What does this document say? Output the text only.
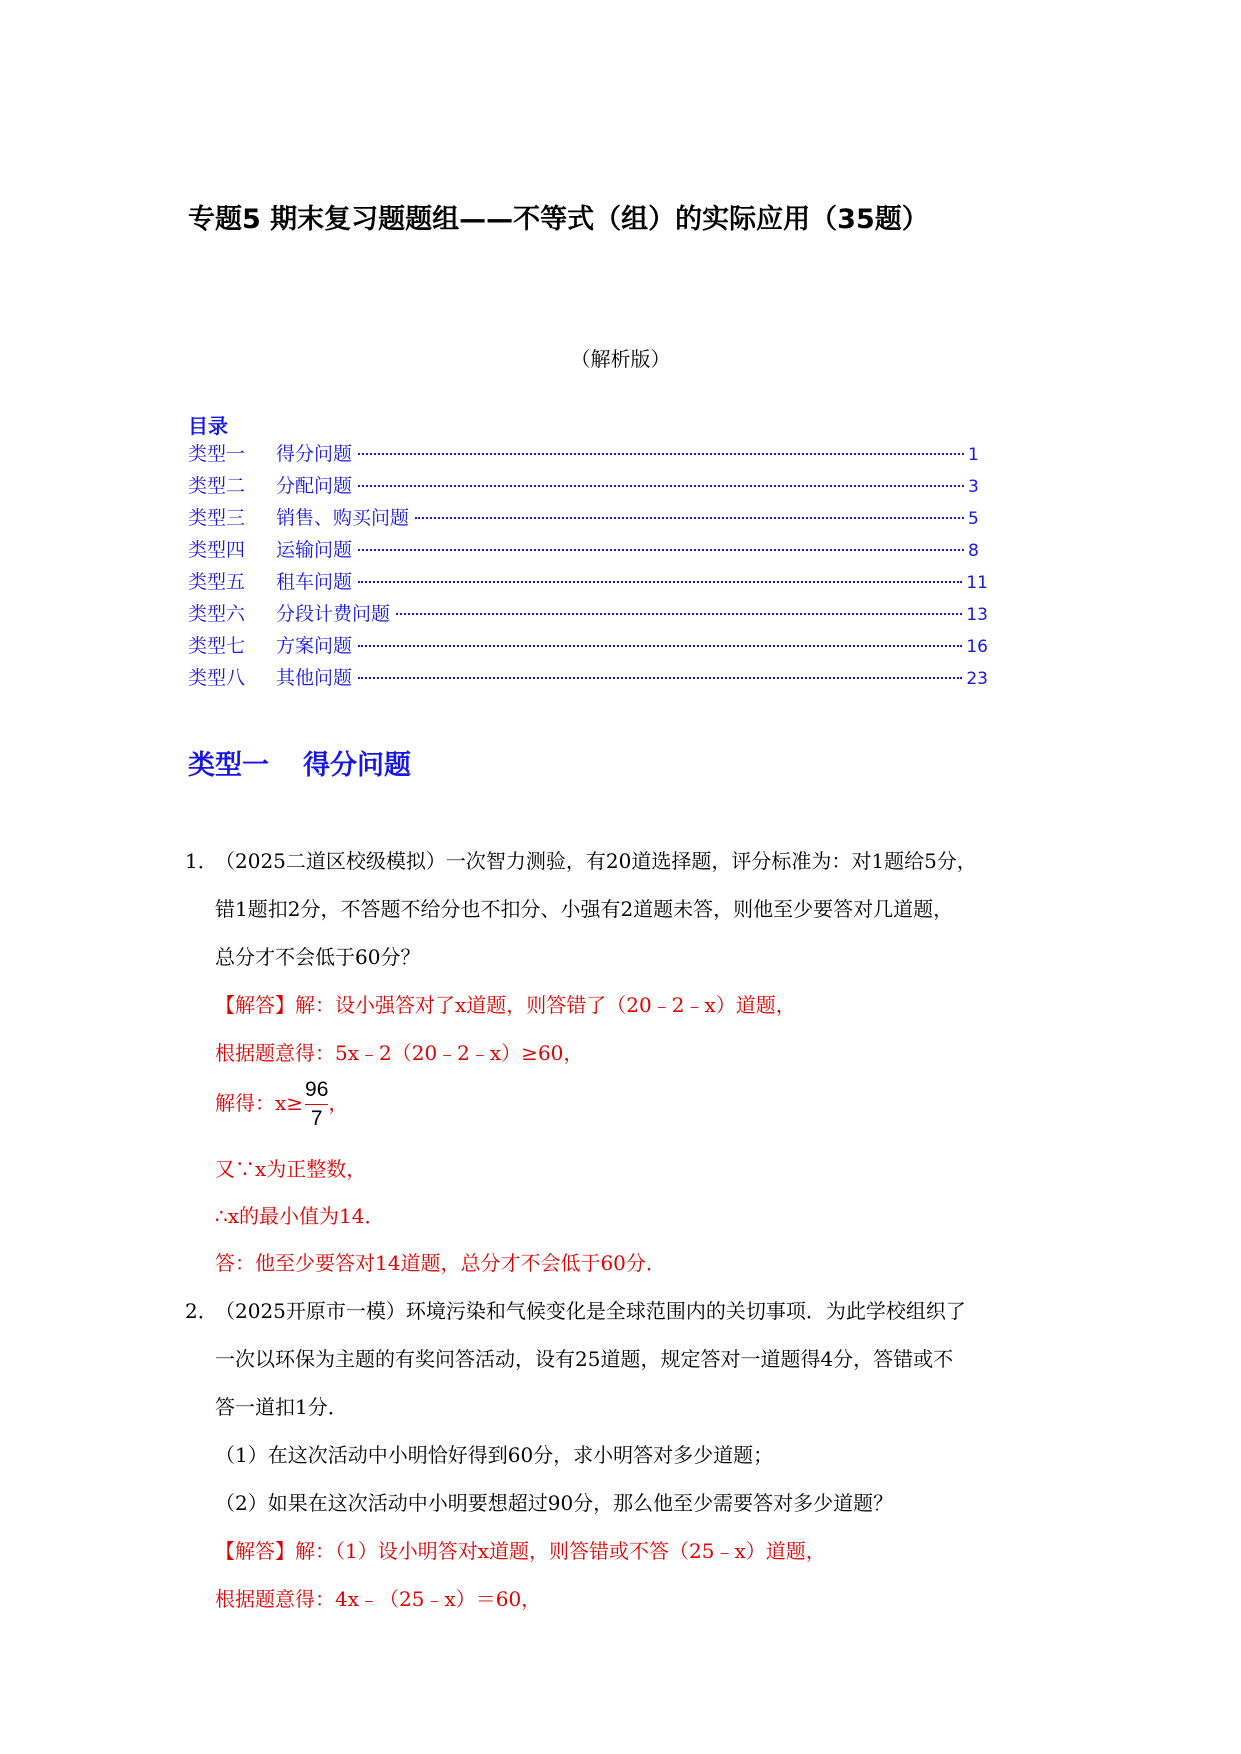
专题5 期末复习题题组——不等式（组）的实际应用（35题）
（解析版）
目录
类型一	得分问题	1
类型二	分配问题	3
类型三	销售、购买问题	5
类型四	运输问题	8
类型五	租车问题	11
类型六	分段计费问题	13
类型七	方案问题	16
类型八	其他问题	23
类型一 得分问题
1．
（2025二道区校级模拟）一次智力测验，有20道选择题，评分标准为：对1题给5分，
错1题扣2分，不答题不给分也不扣分、小强有2道题未答，则他至少要答对几道题，
总分才不会低于60分？
【解答】解：设小强答对了x道题，则答错了（20﹣2﹣x）道题，
根据题意得：5x﹣2（20﹣2﹣x）≥60，
解得：$x\ge \frac{96}{7}$ ，
又∵x为正整数，
∴x的最小值为14．
答：他至少要答对14道题，总分才不会低于60分．
2．
（2025开原市一模）环境污染和气候变化是全球范围内的关切事项．为此学校组织了
一次以环保为主题的有奖问答活动，设有25道题，规定答对一道题得4分，答错或不
答一道扣1分．
（1）在这次活动中小明恰好得到60分，求小明答对多少道题；
（2）如果在这次活动中小明要想超过90分，那么他至少需要答对多少道题？
【解答】解：（1）设小明答对x道题，则答错或不答（25﹣x）道题，
根据题意得：4x﹣（25﹣x）＝60，
